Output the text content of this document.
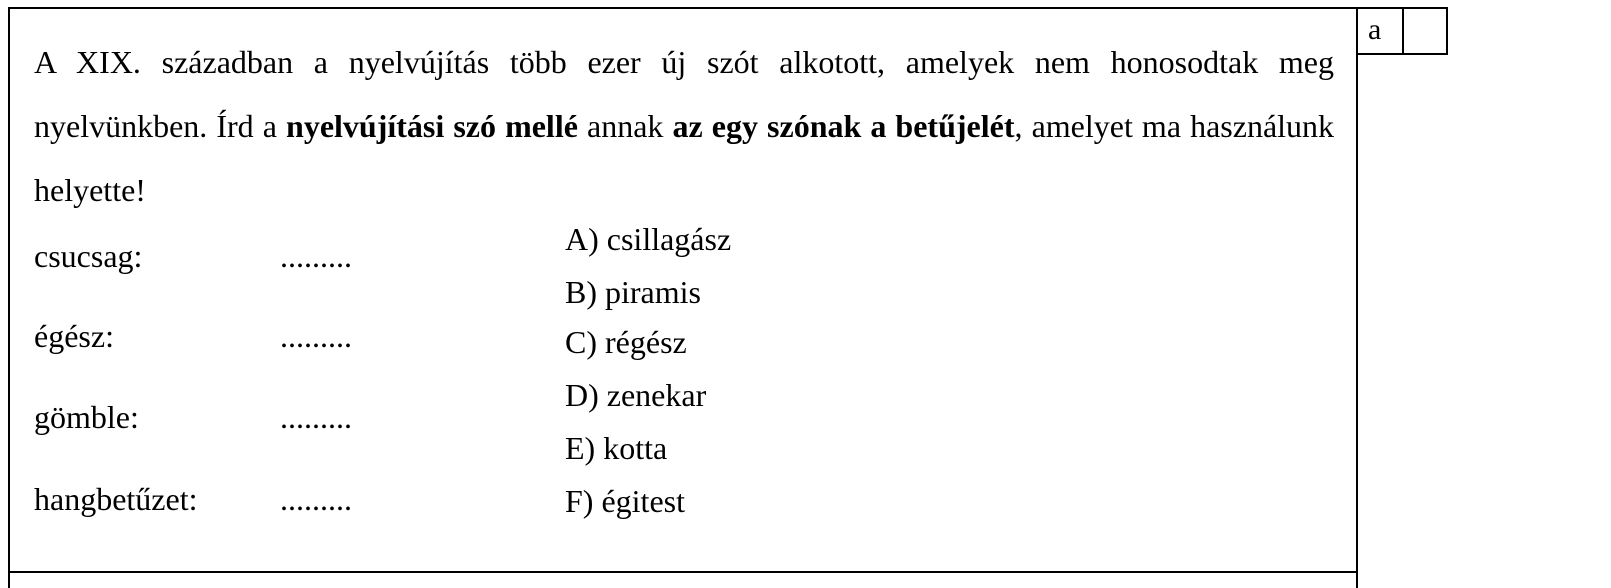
A XIX. században a nyelvújítás több ezer új szót alkotott, amelyek nem honosodtak meg nyelvünkben. Írd a nyelvújítási szó mellé annak az egy szónak a betűjelét, amelyet ma használunk helyette!
csucsag:	.........
égész:	.........
gömble:	.........
hangbetűzet:	.........
A) csillagász
B) piramis
C) régész
D) zenekar
E) kotta
F) égitest
a
